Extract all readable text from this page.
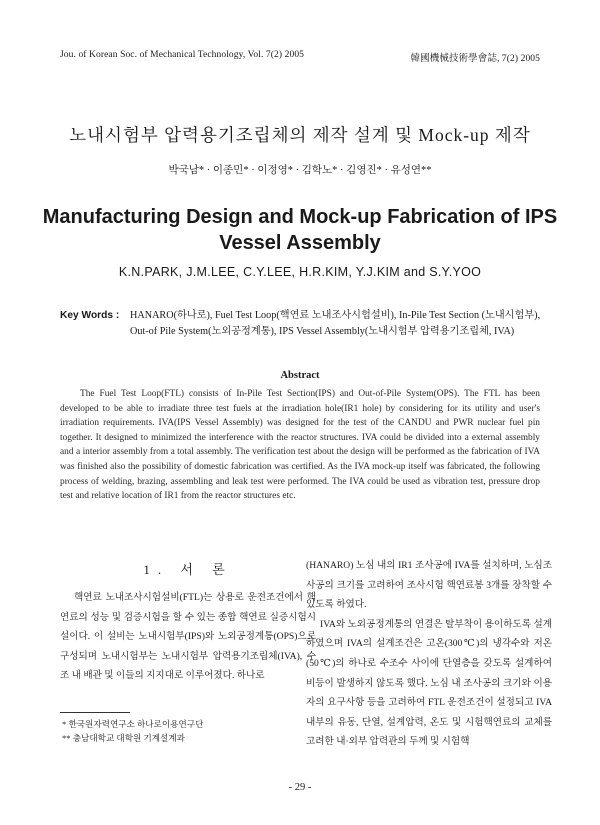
Jou. of Korean Soc. of Mechanical Technology, Vol. 7(2) 2005	韓國機械技術學會誌, 7(2) 2005
노내시험부 압력용기조립체의 제작 설계 및 Mock-up 제작
박국남* · 이종민* · 이정영* · 김학노* · 김영진* · 유성연**
Manufacturing Design and Mock-up Fabrication of IPS Vessel Assembly
K.N.PARK, J.M.LEE, C.Y.LEE, H.R.KIM, Y.J.KIM and S.Y.YOO
Key Words : HANARO(하나로), Fuel Test Loop(핵연료 노내조사시험설비), In-Pile Test Section (노내시험부), Out-of Pile System(노외공정계통), IPS Vessel Assembly(노내시험부 압력용기조립체, IVA)
Abstract
The Fuel Test Loop(FTL) consists of In-Pile Test Section(IPS) and Out-of-Pile System(OPS). The FTL has been developed to be able to irradiate three test fuels at the irradiation hole(IR1 hole) by considering for its utility and user's irradiation requirements. IVA(IPS Vessel Assembly) was designed for the test of the CANDU and PWR nuclear fuel pin together. It designed to minimized the interference with the reactor structures. IVA could be divided into a external assembly and a interior assembly from a total assembly. The verification test about the design will be performed as the fabrication of IVA was finished also the possibility of domestic fabrication was certified. As the IVA mock-up itself was fabricated, the following process of welding, brazing, assembling and leak test were performed. The IVA could be used as vibration test, pressure drop test and relative location of IR1 from the reactor structures etc.
1. 서 론

핵연료 노내조사시험설비(FTL)는 상용로 운전조건에서 핵연료의 성능 및 검증시험을 할 수 있는 종합 핵연료 실증시험시설이다. 이 설비는 노내시험부(IPS)와 노외공정계통(OPS)으로 구성되며 노내시험부는 노내시험부 압력용기조립체(IVA), 수조 내 배관 및 이들의 지지대로 이루어졌다. 하나로

(HANARO) 노심 내의 IR1 조사공에 IVA를 설치하며, 노심조사공의 크기를 고려하여 조사시험 핵연료봉 3개를 장착할 수 있도록 하였다.

IVA와 노외공정계통의 연결은 탈부착이 용이하도록 설계하였으며 IVA의 설계조건은 고온(300℃)의 냉각수와 저온(50℃)의 하나로 수조수 사이에 단열층을 갖도록 설계하여 비등이 발생하지 않도록 했다. 노심 내 조사공의 크기와 이용자의 요구사항 등을 고려하여 FTL 운전조건이 설정되고 IVA 내부의 유동, 단열, 설계압력, 온도 및 시험핵연료의 교체를 고려한 내·외부 압력관의 두께 및 시험핵

* 한국원자력연구소 하나로이용연구단
** 충남대학교 대학원 기계설계과
- 29 -
